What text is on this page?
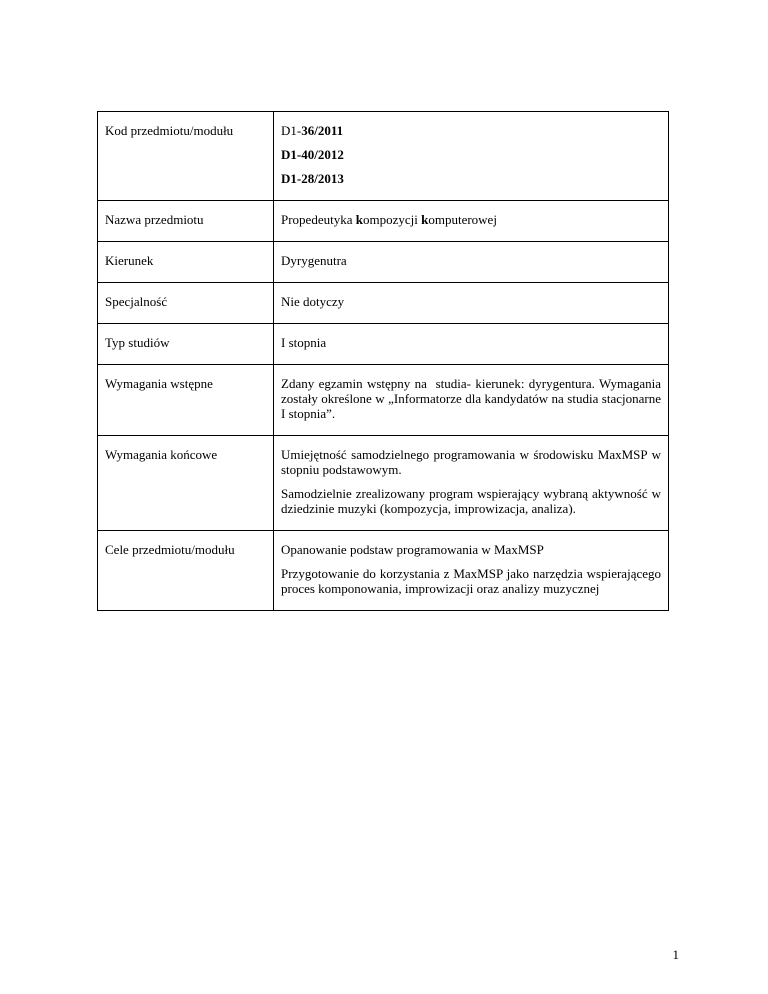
Kod przedmiotu/modułu	D1-36/2011
D1-40/2012
D1-28/2013

Nazwa przedmiotu	Propedeutyka kompozycji komputerowej

Kierunek	Dyrygenutra

Specjalność	Nie dotyczy

Typ studiów	I stopnia

Wymagania wstępne	Zdany egzamin wstępny na  studia- kierunek: dyrygentura. Wymagania zostały określone w „Informatorze dla kandydatów na studia stacjonarne I stopnia”.

Wymagania końcowe	Umiejętność samodzielnego programowania w środowisku MaxMSP w stopniu podstawowym.

Samodzielnie zrealizowany program wspierający wybraną aktywność w dziedzinie muzyki (kompozycja, improwizacja, analiza).

Cele przedmiotu/modułu	Opanowanie podstaw programowania w MaxMSP

Przygotowanie do korzystania z MaxMSP jako narzędzia wspierającego proces komponowania, improwizacji oraz analizy muzycznej

1
